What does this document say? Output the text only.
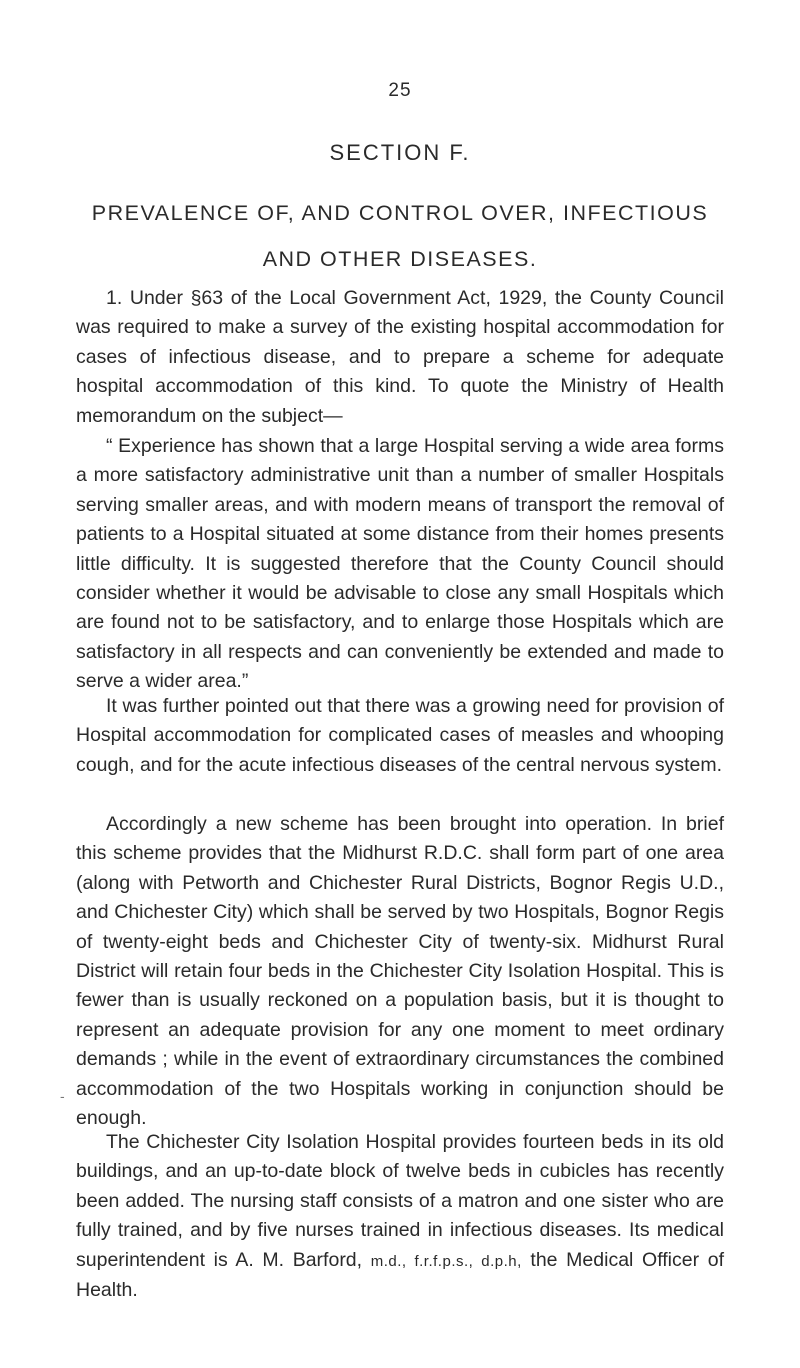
25
SECTION F.
PREVALENCE OF, AND CONTROL OVER, INFECTIOUS
AND OTHER DISEASES.

1. Under §63 of the Local Government Act, 1929, the County Council was required to make a survey of the existing hospital accommodation for cases of infectious disease, and to prepare a scheme for adequate hospital accommodation of this kind. To quote the Ministry of Health memorandum on the subject—

“ Experience has shown that a large Hospital serving a wide area forms a more satisfactory administrative unit than a number of smaller Hospitals serving smaller areas, and with modern means of transport the removal of patients to a Hospital situated at some distance from their homes presents little difficulty. It is suggested therefore that the County Council should consider whether it would be advisable to close any small Hospitals which are found not to be satisfactory, and to enlarge those Hospitals which are satisfactory in all respects and can conveniently be extended and made to serve a wider area.”

It was further pointed out that there was a growing need for provision of Hospital accommodation for complicated cases of measles and whooping cough, and for the acute infectious diseases of the central nervous system.

Accordingly a new scheme has been brought into operation. In brief this scheme provides that the Midhurst R.D.C. shall form part of one area (along with Petworth and Chichester Rural Districts, Bognor Regis U.D., and Chichester City) which shall be served by two Hospitals, Bognor Regis of twenty-eight beds and Chichester City of twenty-six. Midhurst Rural District will retain four beds in the Chichester City Isolation Hospital. This is fewer than is usually reckoned on a population basis, but it is thought to represent an adequate provision for any one moment to meet ordinary demands ; while in the event of extraordinary circumstances the combined accommodation of the two Hospitals working in conjunction should be enough.

-

The Chichester City Isolation Hospital provides fourteen beds in its old buildings, and an up-to-date block of twelve beds in cubicles has recently been added. The nursing staff consists of a matron and one sister who are fully trained, and by five nurses trained in infectious diseases. Its medical superintendent is A. M. Barford, m.d., f.r.f.p.s., d.p.h, the Medical Officer of Health.
